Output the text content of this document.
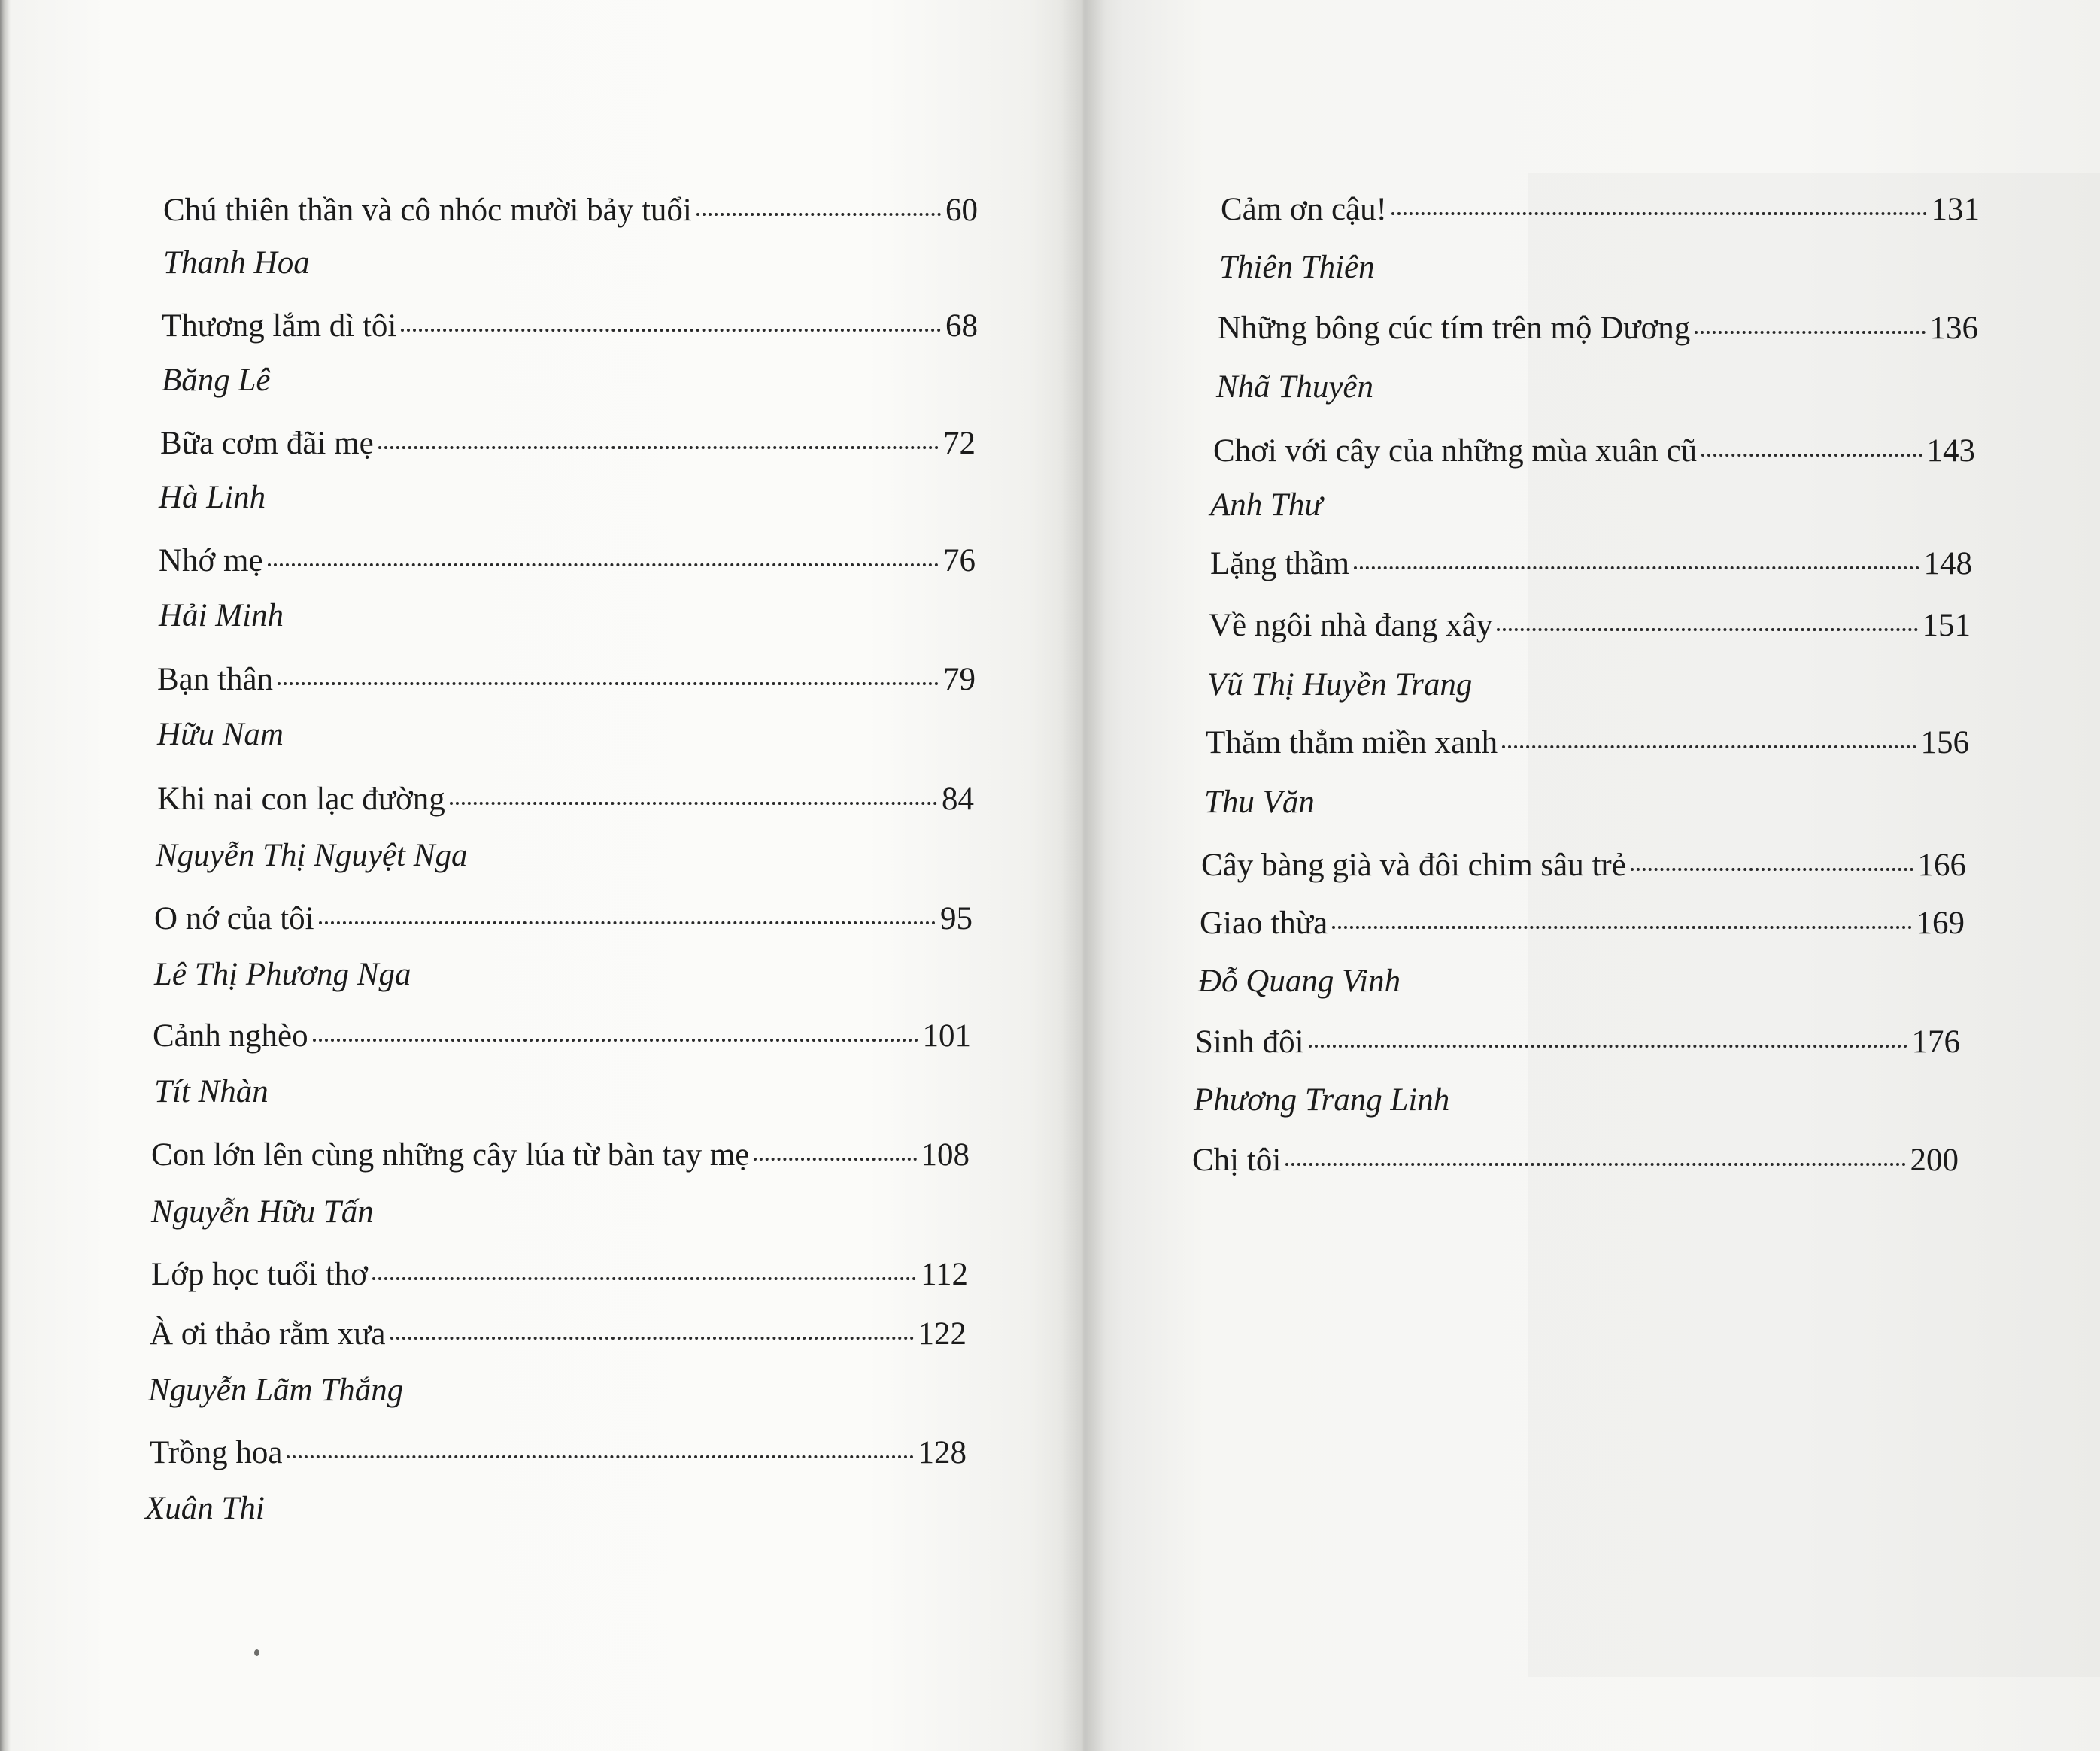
Chú thiên thần và cô nhóc mười bảy tuổi	60
Thanh Hoa
Thương lắm dì tôi	68
Băng Lê
Bữa cơm đãi mẹ	72
Hà Linh
Nhớ mẹ	76
Hải Minh
Bạn thân	79
Hữu Nam
Khi nai con lạc đường	84
Nguyễn Thị Nguyệt Nga
O nớ của tôi	95
Lê Thị Phương Nga
Cảnh nghèo	101
Tít Nhàn
Con lớn lên cùng những cây lúa từ bàn tay mẹ	108
Nguyễn Hữu Tấn
Lớp học tuổi thơ	112
À ơi thảo rằm xưa	122
Nguyễn Lãm Thắng
Trồng hoa	128
Xuân Thi
Cảm ơn cậu!	131
Thiên Thiên
Những bông cúc tím trên mộ Dương	136
Nhã Thuyên
Chơi với cây của những mùa xuân cũ	143
Anh Thư
Lặng thầm	148
Về ngôi nhà đang xây	151
Vũ Thị Huyền Trang
Thăm thẳm miền xanh	156
Thu Văn
Cây bàng già và đôi chim sâu trẻ	166
Giao thừa	169
Đỗ Quang Vinh
Sinh đôi	176
Phương Trang Linh
Chị tôi	200
